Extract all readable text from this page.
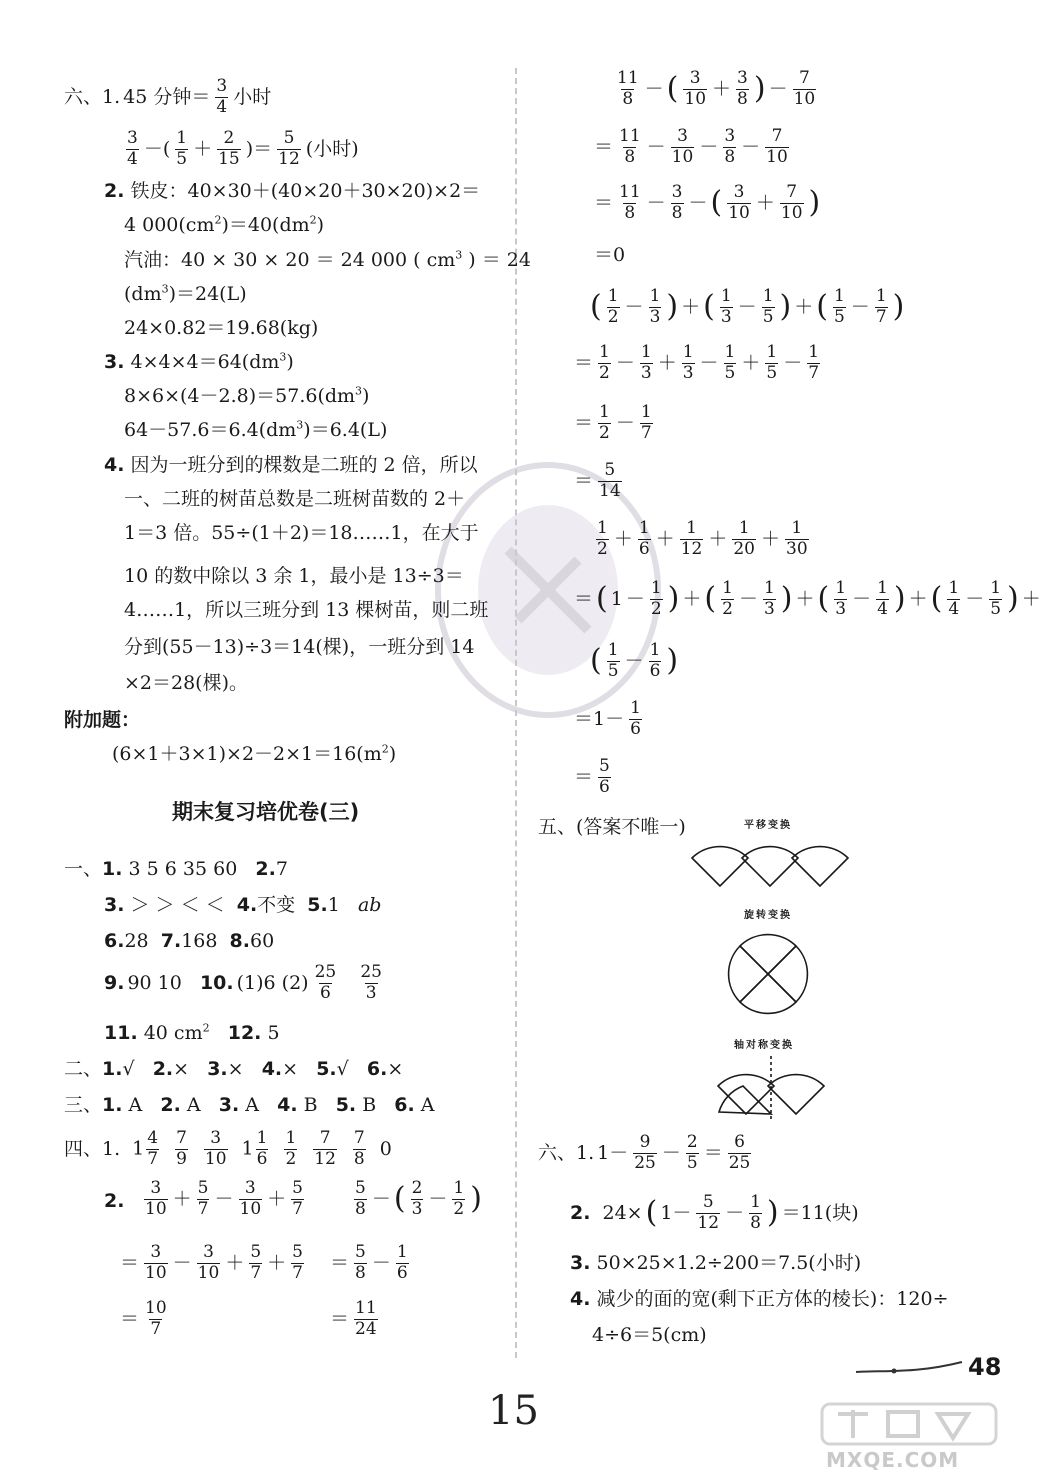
六、1. 45 分钟＝ $\frac{3}{4}$ 小时
$\frac{3}{4}$ －( $\frac{1}{5} + \frac{2}{15}$ )＝ $\frac{5}{12}$ (小时)
2. 铁皮：40×30＋(40×20＋30×20)×2＝
4 $000(cm^2)=40(dm^2)$
汽油：40 × 30 × 20 ＝ 24 000 ( $cm^3$ ) ＝ 24
$(dm^3)=24(L)$
24×0.82＝19.68(kg)
3. $4\times 4\times 4=64(dm^3)$
$8\times 6\times(4-2.8)=57.6(dm^3)$
$64-57.6=6.4(dm^3)=6.4(L)$
4. 因为一班分到的棵数是二班的 2 倍，所以
一、二班的树苗总数是二班树苗数的 2＋
1＝3 倍。55÷(1＋2)＝18……1，在大于
10 的数中除以 3 余 1，最小是 13÷3＝
4……1，所以三班分到 13 棵树苗，则二班
分到(55－13)÷3＝14(棵)，一班分到 14
×2＝28(棵)。
附加题：
$(6\times 1+3\times 1)\times 2-2\times 1=16(m^2)$
期末复习培优卷(三)
一、1. 3 5 6 35 60 2.7
3. ＞ ＞ ＜ ＜ 4.不变 5.1 ab
6.28 7.168 8.60
9. 90 10
10. (1)6 $(2) \frac{25}{6}$
$\frac{25}{3}$
11. 40 $cm^2$ 12. 5
二、1.√ 2.× 3.× 4.× 5.√ 6.×
三、1. A 2. A 3. A 4. B 5. B 6. A
四、1. $1 \frac{4}{7} \frac{7}{9} \frac{3}{10} 1 \frac{1}{6} \frac{1}{2} \frac{7}{12} \frac{7}{8} 0$
2. $\frac{3}{10} + \frac{5}{7} - \frac{3}{10} + \frac{5}{7}$
＝ $\frac{3}{10} - \frac{3}{10} + \frac{5}{7} + \frac{5}{7}$
＝ $\frac{10}{7}$
$\frac{5}{8}$ － ( $\frac{2}{3} - \frac{1}{2}$ )
＝ $\frac{5}{8} - \frac{1}{6}$
＝ $\frac{11}{24}$
$\frac{11}{8}$ － ( $\frac{3}{10} + \frac{3}{8}$ ) － $\frac{7}{10}$
＝ $\frac{11}{8} - \frac{3}{10} - \frac{3}{8} - \frac{7}{10}$
＝ $\frac{11}{8} - \frac{3}{8}$ － ( $\frac{3}{10} + \frac{7}{10}$ )
＝0
( $\frac{1}{2} - \frac{1}{3}$ ) ＋ ( $\frac{1}{3} - \frac{1}{5}$ ) ＋ ( $\frac{1}{5} - \frac{1}{7}$ )
＝ $\frac{1}{2} - \frac{1}{3} + \frac{1}{3} - \frac{1}{5} + \frac{1}{5} - \frac{1}{7}$
＝ $\frac{1}{2} - \frac{1}{7}$
＝ $\frac{5}{14}$
$\frac{1}{2} + \frac{1}{6} + \frac{1}{12} + \frac{1}{20} + \frac{1}{30}$
＝ ( $1 - \frac{1}{2}$ ) ＋ ( $\frac{1}{2} - \frac{1}{3}$ ) ＋ ( $\frac{1}{3} - \frac{1}{4}$ ) ＋ ( $\frac{1}{4} - \frac{1}{5}$ ) ＋
( $\frac{1}{5} - \frac{1}{6}$ )
$=1- \frac{1}{6}$
＝ $\frac{5}{6}$
五、(答案不唯一)	平移变换
旋转变换
轴对称变换
六、1. $1- \frac{9}{25} - \frac{2}{5} = \frac{6}{25}$
2.
24× ( $1- \frac{5}{12} - \frac{1}{8}$ ) ＝11(块)
3. 50×25×1.2÷200＝7.5(小时)
4. 减少的面的宽(剩下正方体的棱长)：120÷
4÷6＝5(cm)
48
15
MXQE.COM
